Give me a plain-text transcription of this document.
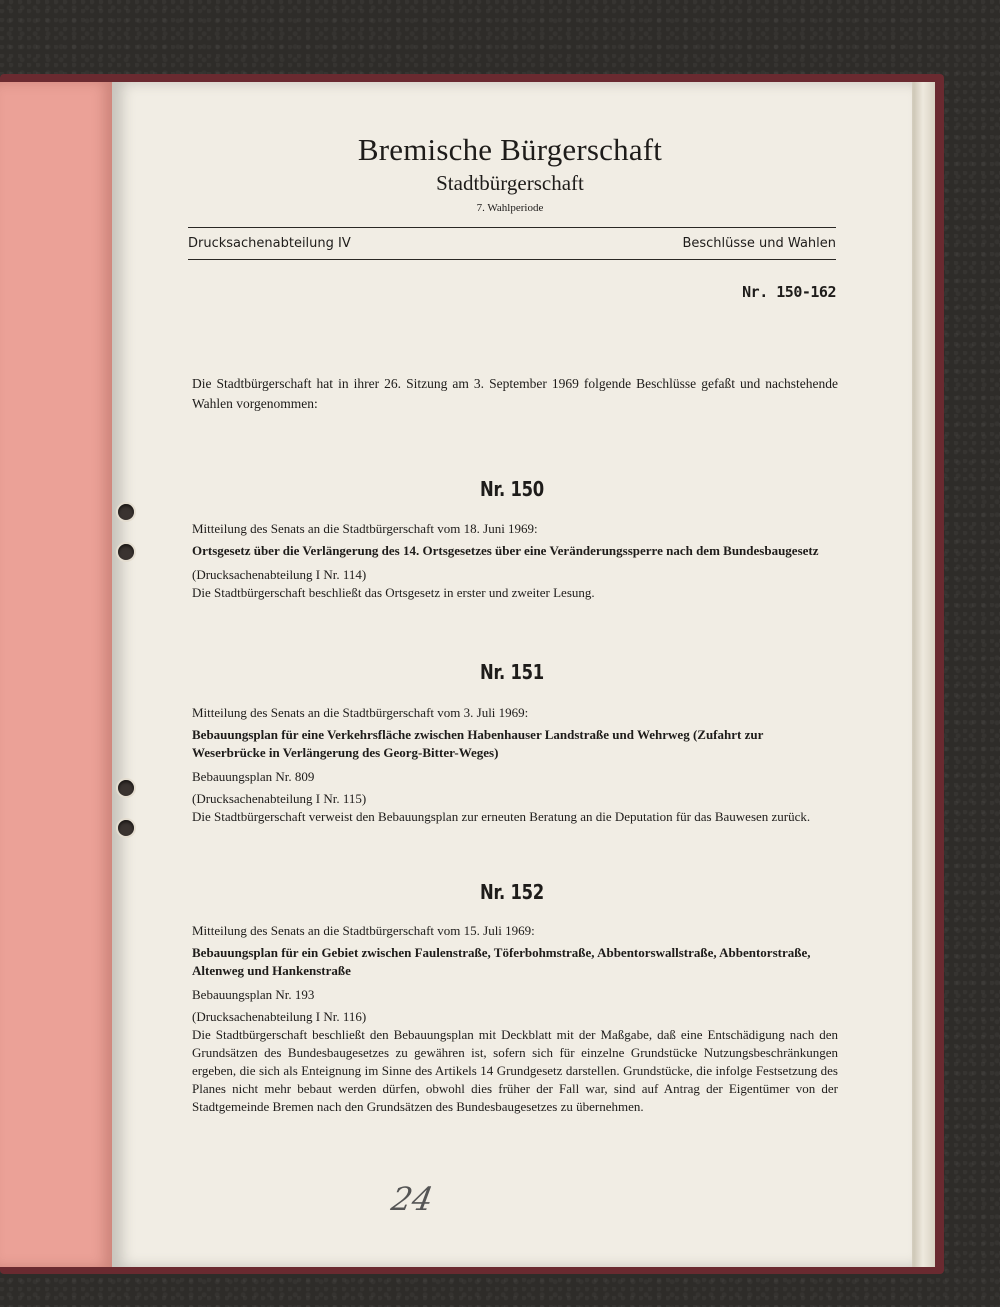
Bremische Bürgerschaft
Stadtbürgerschaft
7. Wahlperiode
Drucksachenabteilung IV	Beschlüsse und Wahlen
Nr. 150-162
Die Stadtbürgerschaft hat in ihrer 26. Sitzung am 3. September 1969 folgende Beschlüsse gefaßt und nachstehende Wahlen vorgenommen:
Nr. 150

Mitteilung des Senats an die Stadtbürgerschaft vom 18. Juni 1969:

Ortsgesetz über die Verlängerung des 14. Ortsgesetzes über eine Veränderungssperre nach dem Bundesbaugesetz

(Drucksachenabteilung I Nr. 114)

Die Stadtbürgerschaft beschließt das Ortsgesetz in erster und zweiter Lesung.

Nr. 151

Mitteilung des Senats an die Stadtbürgerschaft vom 3. Juli 1969:

Bebauungsplan für eine Verkehrsfläche zwischen Habenhauser Landstraße und Wehrweg (Zufahrt zur Weserbrücke in Verlängerung des Georg-Bitter-Weges)

Bebauungsplan Nr. 809

(Drucksachenabteilung I Nr. 115)

Die Stadtbürgerschaft verweist den Bebauungsplan zur erneuten Beratung an die Deputation für das Bauwesen zurück.

Nr. 152

Mitteilung des Senats an die Stadtbürgerschaft vom 15. Juli 1969:

Bebauungsplan für ein Gebiet zwischen Faulenstraße, Töferbohmstraße, Abbentorswallstraße, Abbentorstraße, Altenweg und Hankenstraße

Bebauungsplan Nr. 193

(Drucksachenabteilung I Nr. 116)

Die Stadtbürgerschaft beschließt den Bebauungsplan mit Deckblatt mit der Maßgabe, daß eine Entschädigung nach den Grundsätzen des Bundesbaugesetzes zu gewähren ist, sofern sich für einzelne Grundstücke Nutzungsbeschränkungen ergeben, die sich als Enteignung im Sinne des Artikels 14 Grundgesetz darstellen. Grundstücke, die infolge Festsetzung des Planes nicht mehr bebaut werden dürfen, obwohl dies früher der Fall war, sind auf Antrag der Eigentümer von der Stadtgemeinde Bremen nach den Grundsätzen des Bundesbaugesetzes zu übernehmen.

24
